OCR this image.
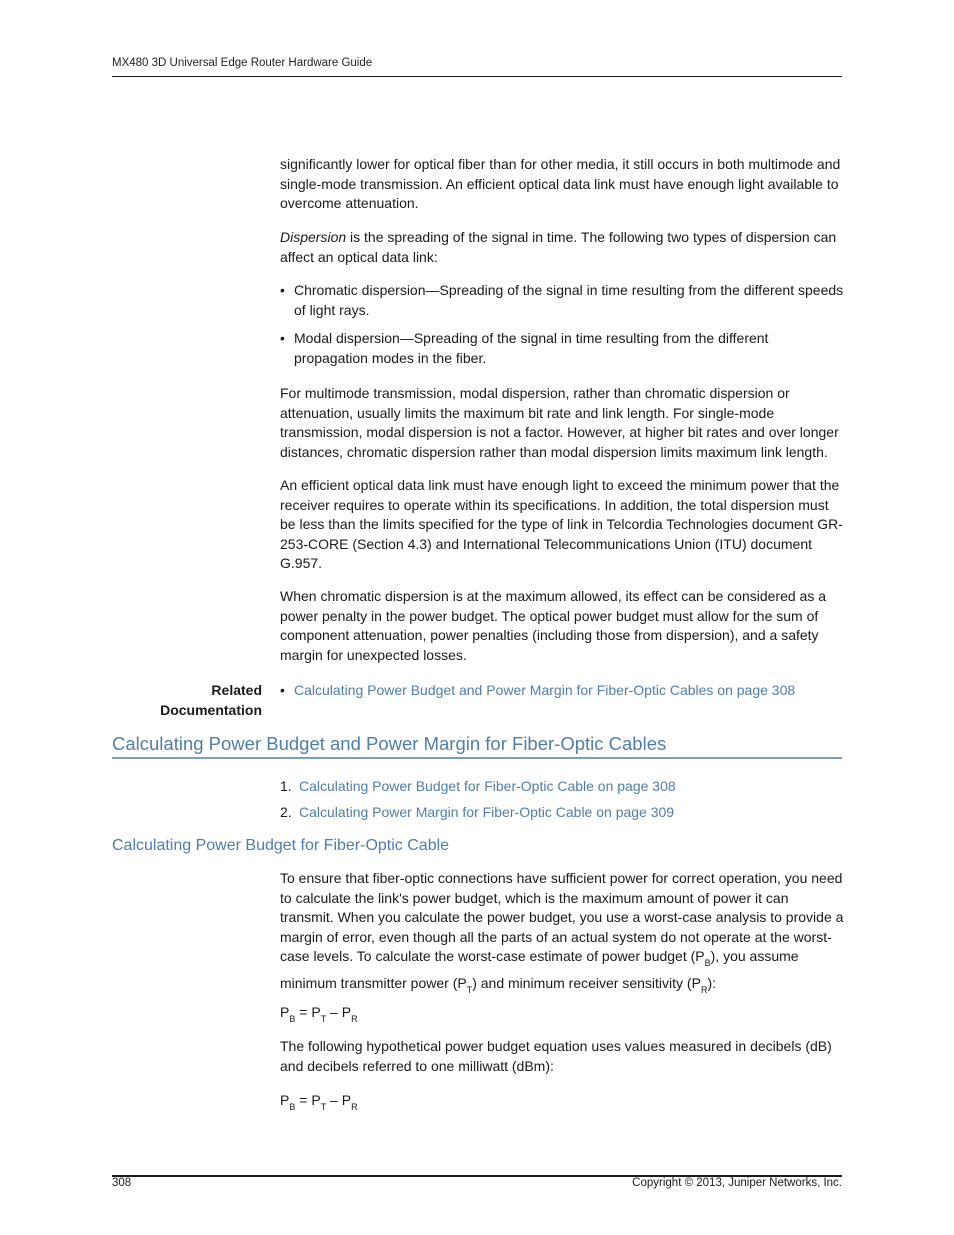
MX480 3D Universal Edge Router Hardware Guide

significantly lower for optical fiber than for other media, it still occurs in both multimode and single-mode transmission. An efficient optical data link must have enough light available to overcome attenuation.

Dispersion is the spreading of the signal in time. The following two types of dispersion can affect an optical data link:

• Chromatic dispersion—Spreading of the signal in time resulting from the different speeds of light rays.
• Modal dispersion—Spreading of the signal in time resulting from the different propagation modes in the fiber.

For multimode transmission, modal dispersion, rather than chromatic dispersion or attenuation, usually limits the maximum bit rate and link length. For single-mode transmission, modal dispersion is not a factor. However, at higher bit rates and over longer distances, chromatic dispersion rather than modal dispersion limits maximum link length.

An efficient optical data link must have enough light to exceed the minimum power that the receiver requires to operate within its specifications. In addition, the total dispersion must be less than the limits specified for the type of link in Telcordia Technologies document GR-253-CORE (Section 4.3) and International Telecommunications Union (ITU) document G.957.

When chromatic dispersion is at the maximum allowed, its effect can be considered as a power penalty in the power budget. The optical power budget must allow for the sum of component attenuation, power penalties (including those from dispersion), and a safety margin for unexpected losses.

Related
Documentation
• Calculating Power Budget and Power Margin for Fiber-Optic Cables on page 308
Calculating Power Budget and Power Margin for Fiber-Optic Cables
1. Calculating Power Budget for Fiber-Optic Cable on page 308
2. Calculating Power Margin for Fiber-Optic Cable on page 309
Calculating Power Budget for Fiber-Optic Cable

To ensure that fiber-optic connections have sufficient power for correct operation, you need to calculate the link's power budget, which is the maximum amount of power it can transmit. When you calculate the power budget, you use a worst-case analysis to provide a margin of error, even though all the parts of an actual system do not operate at the worst-case levels. To calculate the worst-case estimate of power budget $(P_B)$, you assume minimum transmitter power $(P_T)$ and minimum receiver sensitivity $(P_R)$:

$P_B = P_T - P_R$

The following hypothetical power budget equation uses values measured in decibels (dB) and decibels referred to one milliwatt (dBm):

$P_B = P_T - P_R$

308	Copyright © 2013, Juniper Networks, Inc.
